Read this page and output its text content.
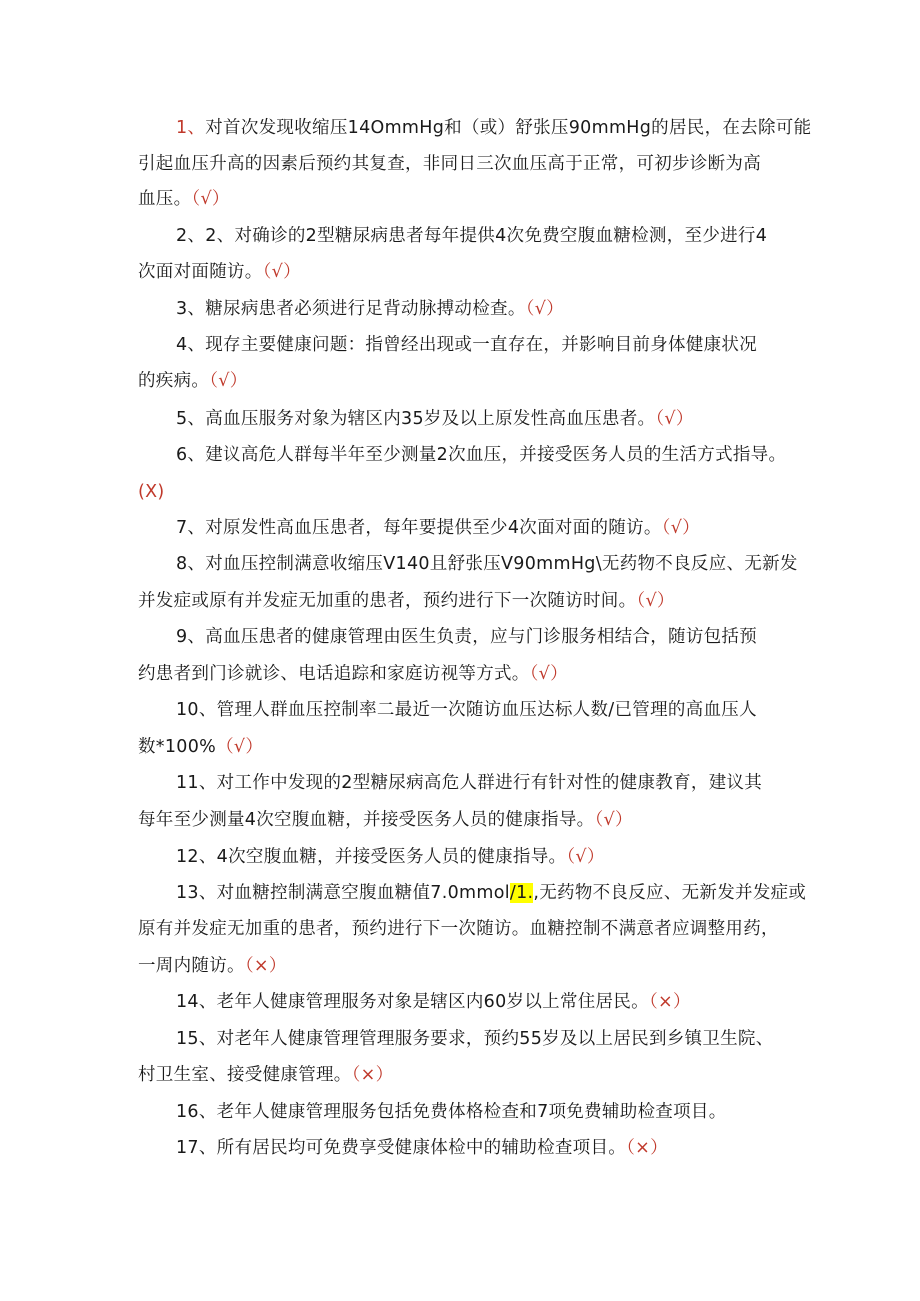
1、对首次发现收缩压14OmmHg和（或）舒张压90mmHg的居民，在去除可能
引起血压升高的因素后预约其复查，非同日三次血压高于正常，可初步诊断为高
血压。（√）
2、2、对确诊的2型糖尿病患者每年提供4次免费空腹血糖检测，至少进行4
次面对面随访。（√）
3、糖尿病患者必须进行足背动脉搏动检查。（√）
4、现存主要健康问题：指曾经出现或一直存在，并影响目前身体健康状况
的疾病。（√）
5、高血压服务对象为辖区内35岁及以上原发性高血压患者。（√）
6、建议高危人群每半年至少测量2次血压，并接受医务人员的生活方式指导。
(X)
7、对原发性高血压患者，每年要提供至少4次面对面的随访。（√）
8、对血压控制满意收缩压V140且舒张压V90mmHg\无药物不良反应、无新发
并发症或原有并发症无加重的患者，预约进行下一次随访时间。（√）
9、高血压患者的健康管理由医生负责，应与门诊服务相结合，随访包括预
约患者到门诊就诊、电话追踪和家庭访视等方式。（√）
10、管理人群血压控制率二最近一次随访血压达标人数/已管理的高血压人
数*100%（√）
11、对工作中发现的2型糖尿病高危人群进行有针对性的健康教育，建议其
每年至少测量4次空腹血糖，并接受医务人员的健康指导。（√）
12、4次空腹血糖，并接受医务人员的健康指导。（√）
13、对血糖控制满意空腹血糖值7.0mmol/1.,无药物不良反应、无新发并发症或
原有并发症无加重的患者，预约进行下一次随访。血糖控制不满意者应调整用药，
一周内随访。（×）
14、老年人健康管理服务对象是辖区内60岁以上常住居民。（×）
15、对老年人健康管理管理服务要求，预约55岁及以上居民到乡镇卫生院、
村卫生室、接受健康管理。（×）
16、老年人健康管理服务包括免费体格检查和7项免费辅助检查项目。
17、所有居民均可免费享受健康体检中的辅助检查项目。（×）
